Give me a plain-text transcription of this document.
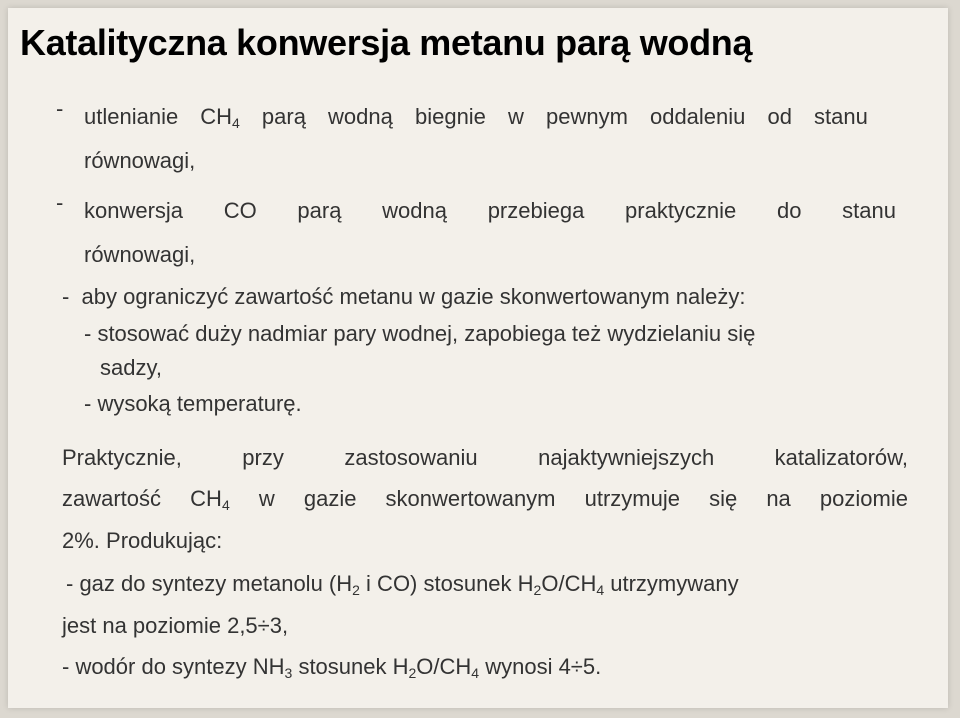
Katalityczna konwersja metanu parą wodną
- utlenianie $CH_4$ parą wodną biegnie w pewnym oddaleniu od stanu
równowagi,
- konwersja CO parą wodną przebiega praktycznie do stanu
równowagi,
-  aby ograniczyć zawartość metanu w gazie skonwertowanym należy:
- stosować duży nadmiar pary wodnej, zapobiega też wydzielaniu się
sadzy,
- wysoką temperaturę.
Praktycznie,	przy	zastosowaniu	najaktywniejszych	katalizatorów,
zawartość $CH_4$ w gazie skonwertowanym utrzymuje się na poziomie
2%. Produkując:
- gaz do syntezy metanolu ($H_2$ i CO) stosunek $H_2O/CH_4$ utrzymywany
jest na poziomie 2,5÷3,
- wodór do syntezy $NH_3$ stosunek $H_2O/CH_4$ wynosi 4÷5.
